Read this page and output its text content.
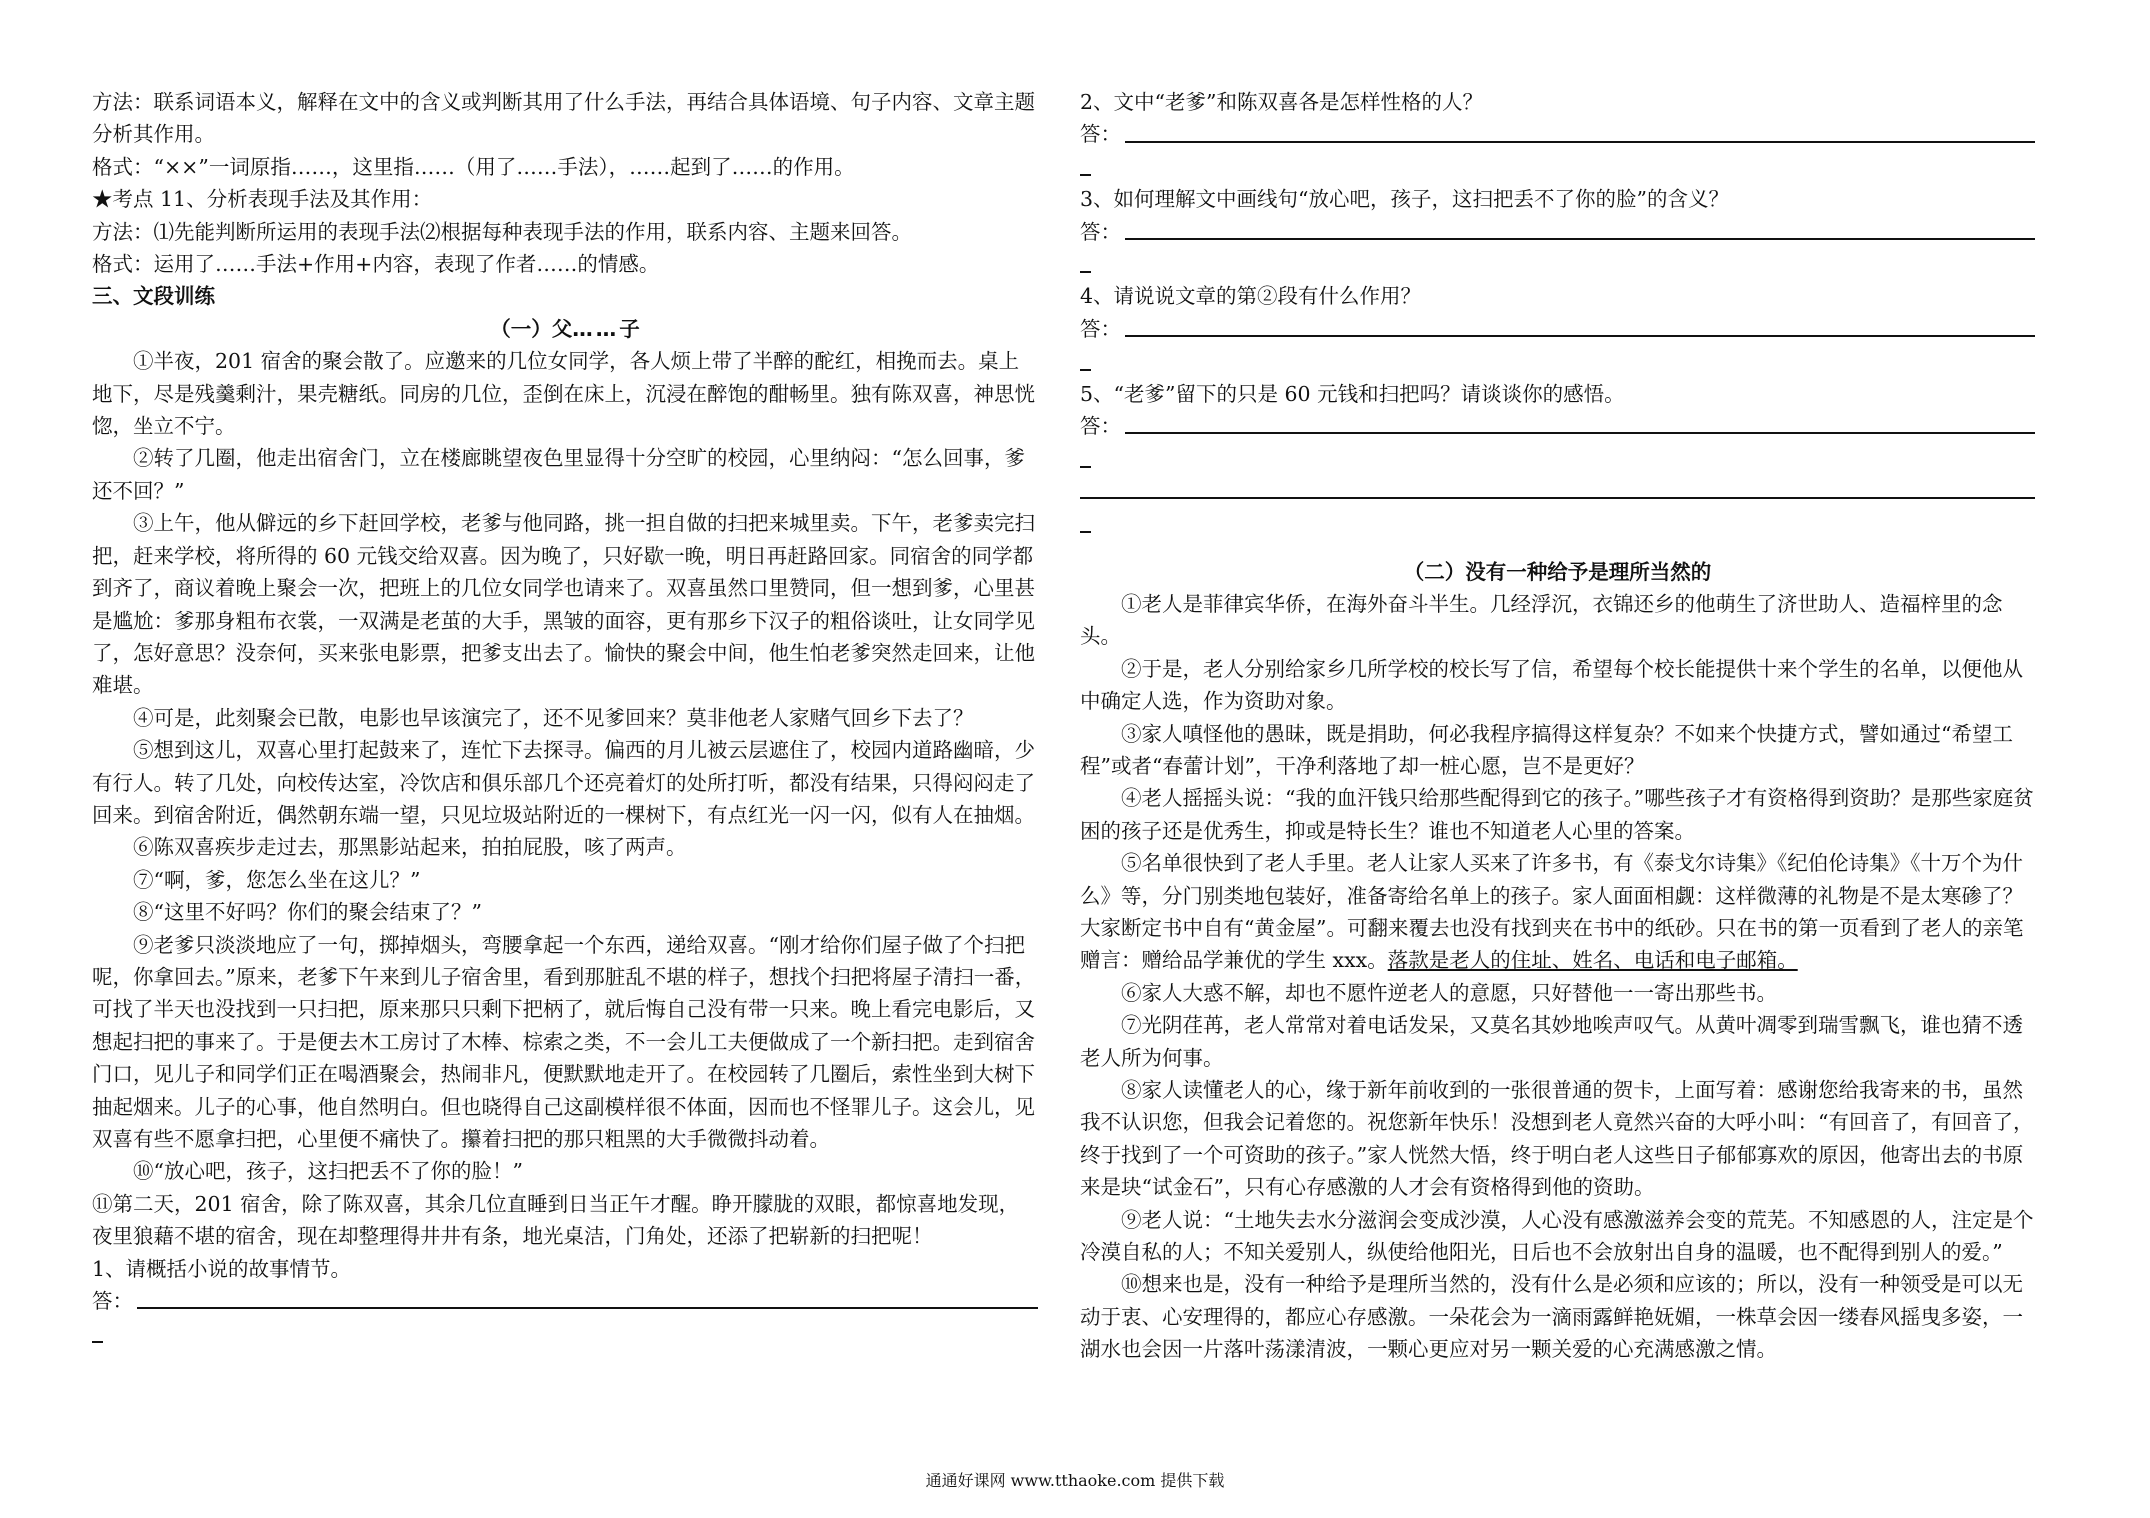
方法：联系词语本义，解释在文中的含义或判断其用了什么手法，再结合具体语境、句子内容、文章主题分析其作用。

格式：“××”一词原指……，这里指……（用了……手法），……起到了……的作用。

★考点 11、分析表现手法及其作用：

方法：⑴先能判断所运用的表现手法⑵根据每种表现手法的作用，联系内容、主题来回答。

格式：运用了……手法+作用+内容，表现了作者……的情感。

三、文段训练

（一）父……子

①半夜，201 宿舍的聚会散了。应邀来的几位女同学，各人烦上带了半醉的酡红，相挽而去。桌上地下，尽是残羹剩汁，果壳糖纸。同房的几位，歪倒在床上，沉浸在醉饱的酣畅里。独有陈双喜，神思恍惚，坐立不宁。

②转了几圈，他走出宿舍门，立在楼廊眺望夜色里显得十分空旷的校园，心里纳闷：“怎么回事，爹还不回？”

③上午，他从僻远的乡下赶回学校，老爹与他同路，挑一担自做的扫把来城里卖。下午，老爹卖完扫把，赶来学校，将所得的 60 元钱交给双喜。因为晚了，只好歇一晚，明日再赶路回家。同宿舍的同学都到齐了，商议着晚上聚会一次，把班上的几位女同学也请来了。双喜虽然口里赞同，但一想到爹，心里甚是尴尬：爹那身粗布衣裳，一双满是老茧的大手，黑皱的面容，更有那乡下汉子的粗俗谈吐，让女同学见了，怎好意思？没奈何，买来张电影票，把爹支出去了。愉快的聚会中间，他生怕老爹突然走回来，让他难堪。

④可是，此刻聚会已散，电影也早该演完了，还不见爹回来？莫非他老人家赌气回乡下去了？

⑤想到这儿，双喜心里打起鼓来了，连忙下去探寻。偏西的月儿被云层遮住了，校园内道路幽暗，少有行人。转了几处，向校传达室，冷饮店和俱乐部几个还亮着灯的处所打听，都没有结果，只得闷闷走了回来。到宿舍附近，偶然朝东端一望，只见垃圾站附近的一棵树下，有点红光一闪一闪，似有人在抽烟。

⑥陈双喜疾步走过去，那黑影站起来，拍拍屁股，咳了两声。

⑦“啊，爹，您怎么坐在这儿？”

⑧“这里不好吗？你们的聚会结束了？”

⑨老爹只淡淡地应了一句，掷掉烟头，弯腰拿起一个东西，递给双喜。“刚才给你们屋子做了个扫把呢，你拿回去。”原来，老爹下午来到儿子宿舍里，看到那脏乱不堪的样子，想找个扫把将屋子清扫一番，可找了半天也没找到一只扫把，原来那只只剩下把柄了，就后悔自己没有带一只来。晚上看完电影后，又想起扫把的事来了。于是便去木工房讨了木棒、棕索之类，不一会儿工夫便做成了一个新扫把。走到宿舍门口，见儿子和同学们正在喝酒聚会，热闹非凡，便默默地走开了。在校园转了几圈后，索性坐到大树下抽起烟来。儿子的心事，他自然明白。但也晓得自己这副模样很不体面，因而也不怪罪儿子。这会儿，见双喜有些不愿拿扫把，心里便不痛快了。攥着扫把的那只粗黑的大手微微抖动着。

⑩“放心吧，孩子，这扫把丢不了你的脸！”

⑪第二天，201 宿舍，除了陈双喜，其余几位直睡到日当正午才醒。睁开朦胧的双眼，都惊喜地发现，夜里狼藉不堪的宿舍，现在却整理得井井有条，地光桌洁，门角处，还添了把崭新的扫把呢！

1、请概括小说的故事情节。

答：

2、文中“老爹”和陈双喜各是怎样性格的人？

答：

3、如何理解文中画线句“放心吧，孩子，这扫把丢不了你的脸”的含义？

答：

4、请说说文章的第②段有什么作用？

答：

5、“老爹”留下的只是 60 元钱和扫把吗？请谈谈你的感悟。

答：

（二）没有一种给予是理所当然的

①老人是菲律宾华侨，在海外奋斗半生。几经浮沉，衣锦还乡的他萌生了济世助人、造福梓里的念头。

②于是，老人分别给家乡几所学校的校长写了信，希望每个校长能提供十来个学生的名单，以便他从中确定人选，作为资助对象。

③家人嗔怪他的愚昧，既是捐助，何必我程序搞得这样复杂？不如来个快捷方式，譬如通过“希望工程”或者“春蕾计划”，干净利落地了却一桩心愿，岂不是更好？

④老人摇摇头说：“我的血汗钱只给那些配得到它的孩子。”哪些孩子才有资格得到资助？是那些家庭贫困的孩子还是优秀生，抑或是特长生？谁也不知道老人心里的答案。

⑤名单很快到了老人手里。老人让家人买来了许多书，有《泰戈尔诗集》《纪伯伦诗集》《十万个为什么》等，分门别类地包装好，准备寄给名单上的孩子。家人面面相觑：这样微薄的礼物是不是太寒碜了？大家断定书中自有“黄金屋”。可翻来覆去也没有找到夹在书中的纸砂。只在书的第一页看到了老人的亲笔赠言：赠给品学兼优的学生 xxx。落款是老人的住址、姓名、电话和电子邮箱。

⑥家人大惑不解，却也不愿忤逆老人的意愿，只好替他一一寄出那些书。

⑦光阴荏苒，老人常常对着电话发呆，又莫名其妙地唉声叹气。从黄叶凋零到瑞雪飘飞，谁也猜不透老人所为何事。

⑧家人读懂老人的心，缘于新年前收到的一张很普通的贺卡，上面写着：感谢您给我寄来的书，虽然我不认识您，但我会记着您的。祝您新年快乐！没想到老人竟然兴奋的大呼小叫：“有回音了，有回音了，终于找到了一个可资助的孩子。”家人恍然大悟，终于明白老人这些日子郁郁寡欢的原因，他寄出去的书原来是块“试金石”，只有心存感激的人才会有资格得到他的资助。

⑨老人说：“土地失去水分滋润会变成沙漠，人心没有感激滋养会变的荒芜。不知感恩的人，注定是个冷漠自私的人；不知关爱别人，纵使给他阳光，日后也不会放射出自身的温暖，也不配得到别人的爱。”

⑩想来也是，没有一种给予是理所当然的，没有什么是必须和应该的；所以，没有一种领受是可以无动于衷、心安理得的，都应心存感激。一朵花会为一滴雨露鲜艳妩媚，一株草会因一缕春风摇曳多姿，一湖水也会因一片落叶荡漾清波，一颗心更应对另一颗关爱的心充满感激之情。

通通好课网 www.tthaoke.com 提供下载
